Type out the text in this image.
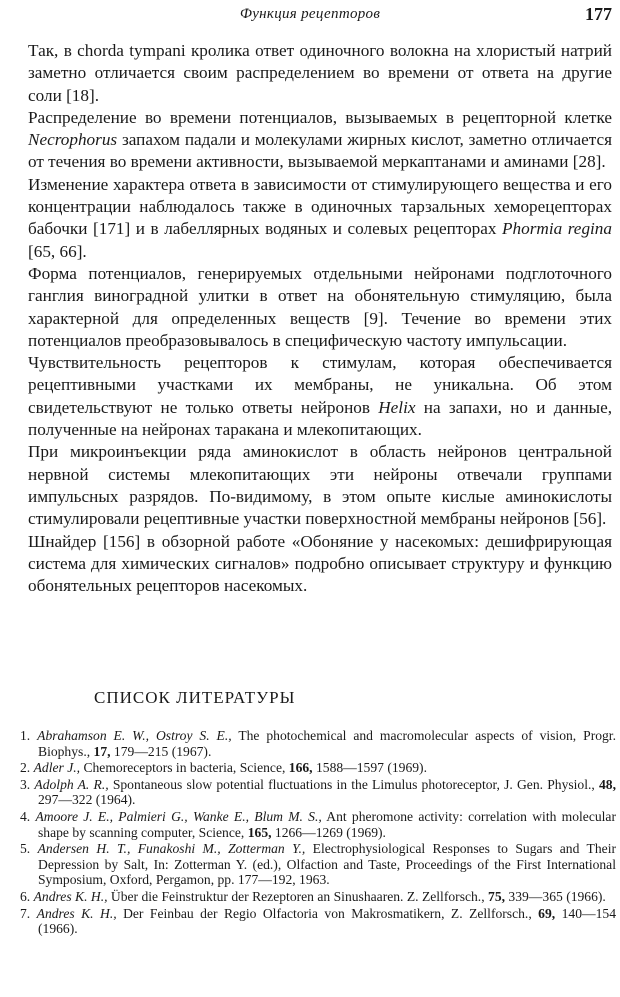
Функция рецепторов	177

Так, в chorda tympani кролика ответ одиночного волокна на хлористый натрий заметно отличается своим распределением во времени от ответа на другие соли [18].

Распределение во времени потенциалов, вызываемых в рецепторной клетке Necrophorus запахом падали и молекулами жирных кислот, заметно отличается от течения во времени активности, вызываемой меркаптанами и аминами [28].

Изменение характера ответа в зависимости от стимулирующего вещества и его концентрации наблюдалось также в одиночных тарзальных хеморецепторах бабочки [171] и в лабеллярных водяных и солевых рецепторах Phormia regina [65, 66].

Форма потенциалов, генерируемых отдельными нейронами подглоточного ганглия виноградной улитки в ответ на обонятельную стимуляцию, была характерной для определенных веществ [9]. Течение во времени этих потенциалов преобразовывалось в специфическую частоту импульсации.

Чувствительность рецепторов к стимулам, которая обеспечивается рецептивными участками их мембраны, не уникальна. Об этом свидетельствуют не только ответы нейронов Helix на запахи, но и данные, полученные на нейронах таракана и млекопитающих.

При микроинъекции ряда аминокислот в область нейронов центральной нервной системы млекопитающих эти нейроны отвечали группами импульсных разрядов. По-видимому, в этом опыте кислые аминокислоты стимулировали рецептивные участки поверхностной мембраны нейронов [56].

Шнайдер [156] в обзорной работе «Обоняние у насекомых: дешифрирующая система для химических сигналов» подробно описывает структуру и функцию обонятельных рецепторов насекомых.

СПИСОК ЛИТЕРАТУРЫ
1. Abrahamson E. W., Ostroy S. E., The photochemical and macromolecular aspects of vision, Progr. Biophys., 17, 179—215 (1967).
2. Adler J., Chemoreceptors in bacteria, Science, 166, 1588—1597 (1969).
3. Adolph A. R., Spontaneous slow potential fluctuations in the Limulus photoreceptor, J. Gen. Physiol., 48, 297—322 (1964).
4. Amoore J. E., Palmieri G., Wanke E., Blum M. S., Ant pheromone activity: correlation with molecular shape by scanning computer, Science, 165, 1266—1269 (1969).
5. Andersen H. T., Funakoshi M., Zotterman Y., Electrophysiological Responses to Sugars and Their Depression by Salt, In: Zotterman Y. (ed.), Olfaction and Taste, Proceedings of the First International Symposium, Oxford, Pergamon, pp. 177—192, 1963.
6. Andres K. H., Über die Feinstruktur der Rezeptoren an Sinushaaren. Z. Zellforsch., 75, 339—365 (1966).
7. Andres K. H., Der Feinbau der Regio Olfactoria von Makrosmatikern, Z. Zellforsch., 69, 140—154 (1966).
